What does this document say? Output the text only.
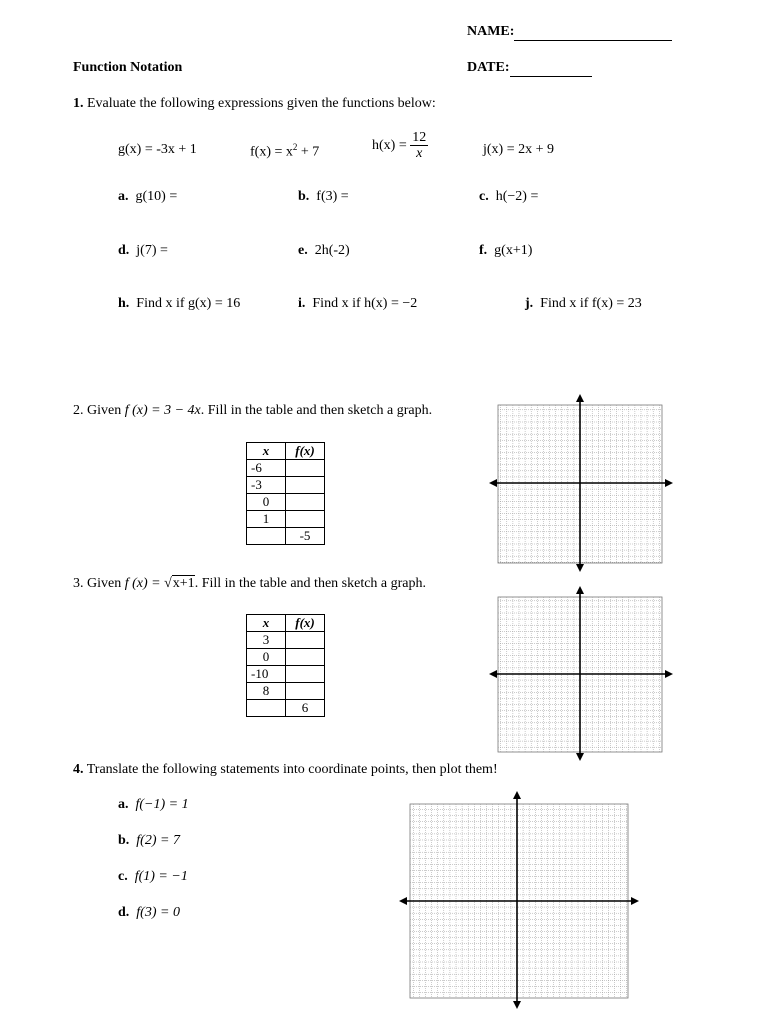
NAME:
Function Notation	DATE:
1. Evaluate the following expressions given the functions below:
g(x) = -3x + 1	$f(x) = x^2 + 7$	$h(x) = \frac{12}{x}$	j(x) = 2x + 9
a. g(10) =	b. f(3) =	c. h(−2) =
d. j(7) =	e. 2h(-2)	f. g(x+1)
h. Find x if g(x) = 16	i. Find x if h(x) = −2	j. Find x if f(x) = 23
2. Given f (x) = 3 − 4x. Fill in the table and then sketch a graph.
x	f(x)
-6	
-3	
0	
1	
	-5
3. Given f (x) = √x+1. Fill in the table and then sketch a graph.
x	f(x)
3	
0	
-10	
8	
	6
4. Translate the following statements into coordinate points, then plot them!
a. f(−1) = 1
b. f(2) = 7
c. f(1) = −1
d. f(3) = 0
